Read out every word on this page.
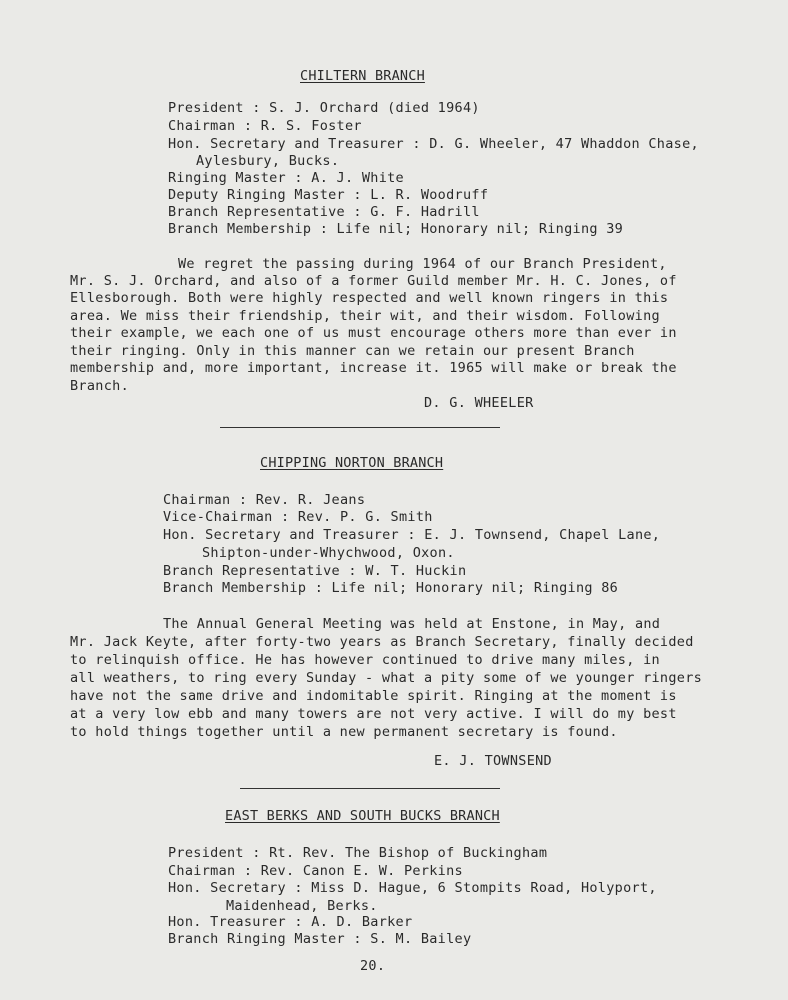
CHILTERN BRANCH
President : S. J. Orchard (died 1964)
Chairman : R. S. Foster
Hon. Secretary and Treasurer : D. G. Wheeler, 47 Whaddon Chase,
Aylesbury, Bucks.
Ringing Master : A. J. White
Deputy Ringing Master : L. R. Woodruff
Branch Representative : G. F. Hadrill
Branch Membership : Life nil; Honorary nil; Ringing 39
We regret the passing during 1964 of our Branch President,
Mr. S. J. Orchard, and also of a former Guild member Mr. H. C. Jones, of
Ellesborough. Both were highly respected and well known ringers in this
area. We miss their friendship, their wit, and their wisdom. Following
their example, we each one of us must encourage others more than ever in
their ringing. Only in this manner can we retain our present Branch
membership and, more important, increase it. 1965 will make or break the
Branch.
D. G. WHEELER
CHIPPING NORTON BRANCH
Chairman : Rev. R. Jeans
Vice-Chairman : Rev. P. G. Smith
Hon. Secretary and Treasurer : E. J. Townsend, Chapel Lane,
Shipton-under-Whychwood, Oxon.
Branch Representative : W. T. Huckin
Branch Membership : Life nil; Honorary nil; Ringing 86
The Annual General Meeting was held at Enstone, in May, and
Mr. Jack Keyte, after forty-two years as Branch Secretary, finally decided
to relinquish office. He has however continued to drive many miles, in
all weathers, to ring every Sunday - what a pity some of we younger ringers
have not the same drive and indomitable spirit. Ringing at the moment is
at a very low ebb and many towers are not very active. I will do my best
to hold things together until a new permanent secretary is found.
E. J. TOWNSEND
EAST BERKS AND SOUTH BUCKS BRANCH
President : Rt. Rev. The Bishop of Buckingham
Chairman : Rev. Canon E. W. Perkins
Hon. Secretary : Miss D. Hague, 6 Stompits Road, Holyport,
Maidenhead, Berks.
Hon. Treasurer : A. D. Barker
Branch Ringing Master : S. M. Bailey
20.
